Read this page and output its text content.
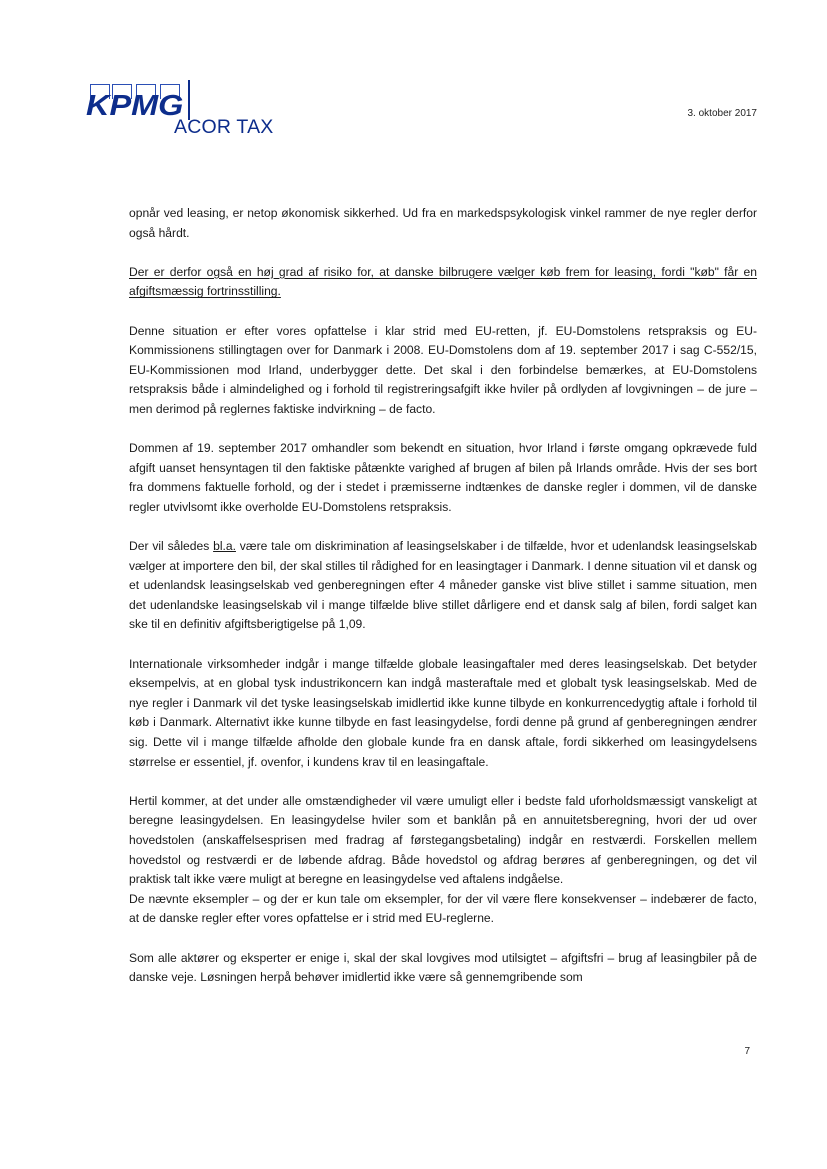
KPMG
ACOR TAX
3. oktober 2017

opnår ved leasing, er netop økonomisk sikkerhed. Ud fra en markedspsykologisk vinkel rammer de nye regler derfor også hårdt.

Der er derfor også en høj grad af risiko for, at danske bilbrugere vælger køb frem for leasing, fordi "køb" får en afgiftsmæssig fortrinsstilling.

Denne situation er efter vores opfattelse i klar strid med EU-retten, jf. EU-Domstolens retspraksis og EU-Kommissionens stillingtagen over for Danmark i 2008. EU-Domstolens dom af 19. september 2017 i sag C-552/15, EU-Kommissionen mod Irland, underbygger dette. Det skal i den forbindelse bemærkes, at EU-Domstolens retspraksis både i almindelighed og i forhold til registreringsafgift ikke hviler på ordlyden af lovgivningen – de jure – men derimod på reglernes faktiske indvirkning – de facto.

Dommen af 19. september 2017 omhandler som bekendt en situation, hvor Irland i første omgang opkrævede fuld afgift uanset hensyntagen til den faktiske påtænkte varighed af brugen af bilen på Irlands område. Hvis der ses bort fra dommens faktuelle forhold, og der i stedet i præmisserne indtænkes de danske regler i dommen, vil de danske regler utvivlsomt ikke overholde EU-Domstolens retspraksis.

Der vil således bl.a. være tale om diskrimination af leasingselskaber i de tilfælde, hvor et udenlandsk leasingselskab vælger at importere den bil, der skal stilles til rådighed for en leasingtager i Danmark. I denne situation vil et dansk og et udenlandsk leasingselskab ved genberegningen efter 4 måneder ganske vist blive stillet i samme situation, men det udenlandske leasingselskab vil i mange tilfælde blive stillet dårligere end et dansk salg af bilen, fordi salget kan ske til en definitiv afgiftsberigtigelse på 1,09.

Internationale virksomheder indgår i mange tilfælde globale leasingaftaler med deres leasingselskab. Det betyder eksempelvis, at en global tysk industrikoncern kan indgå masteraftale med et globalt tysk leasingselskab. Med de nye regler i Danmark vil det tyske leasingselskab imidlertid ikke kunne tilbyde en konkurrencedygtig aftale i forhold til køb i Danmark. Alternativt ikke kunne tilbyde en fast leasingydelse, fordi denne på grund af genberegningen ændrer sig. Dette vil i mange tilfælde afholde den globale kunde fra en dansk aftale, fordi sikkerhed om leasingydelsens størrelse er essentiel, jf. ovenfor, i kundens krav til en leasingaftale.

Hertil kommer, at det under alle omstændigheder vil være umuligt eller i bedste fald uforholdsmæssigt vanskeligt at beregne leasingydelsen. En leasingydelse hviler som et banklån på en annuitetsberegning, hvori der ud over hovedstolen (anskaffelsesprisen med fradrag af førstegangsbetaling) indgår en restværdi. Forskellen mellem hovedstol og restværdi er de løbende afdrag. Både hovedstol og afdrag berøres af genberegningen, og det vil praktisk talt ikke være muligt at beregne en leasingydelse ved aftalens indgåelse.

De nævnte eksempler – og der er kun tale om eksempler, for der vil være flere konsekvenser – indebærer de facto, at de danske regler efter vores opfattelse er i strid med EU-reglerne.

Som alle aktører og eksperter er enige i, skal der skal lovgives mod utilsigtet – afgiftsfri – brug af leasingbiler på de danske veje. Løsningen herpå behøver imidlertid ikke være så gennemgribende som

7
